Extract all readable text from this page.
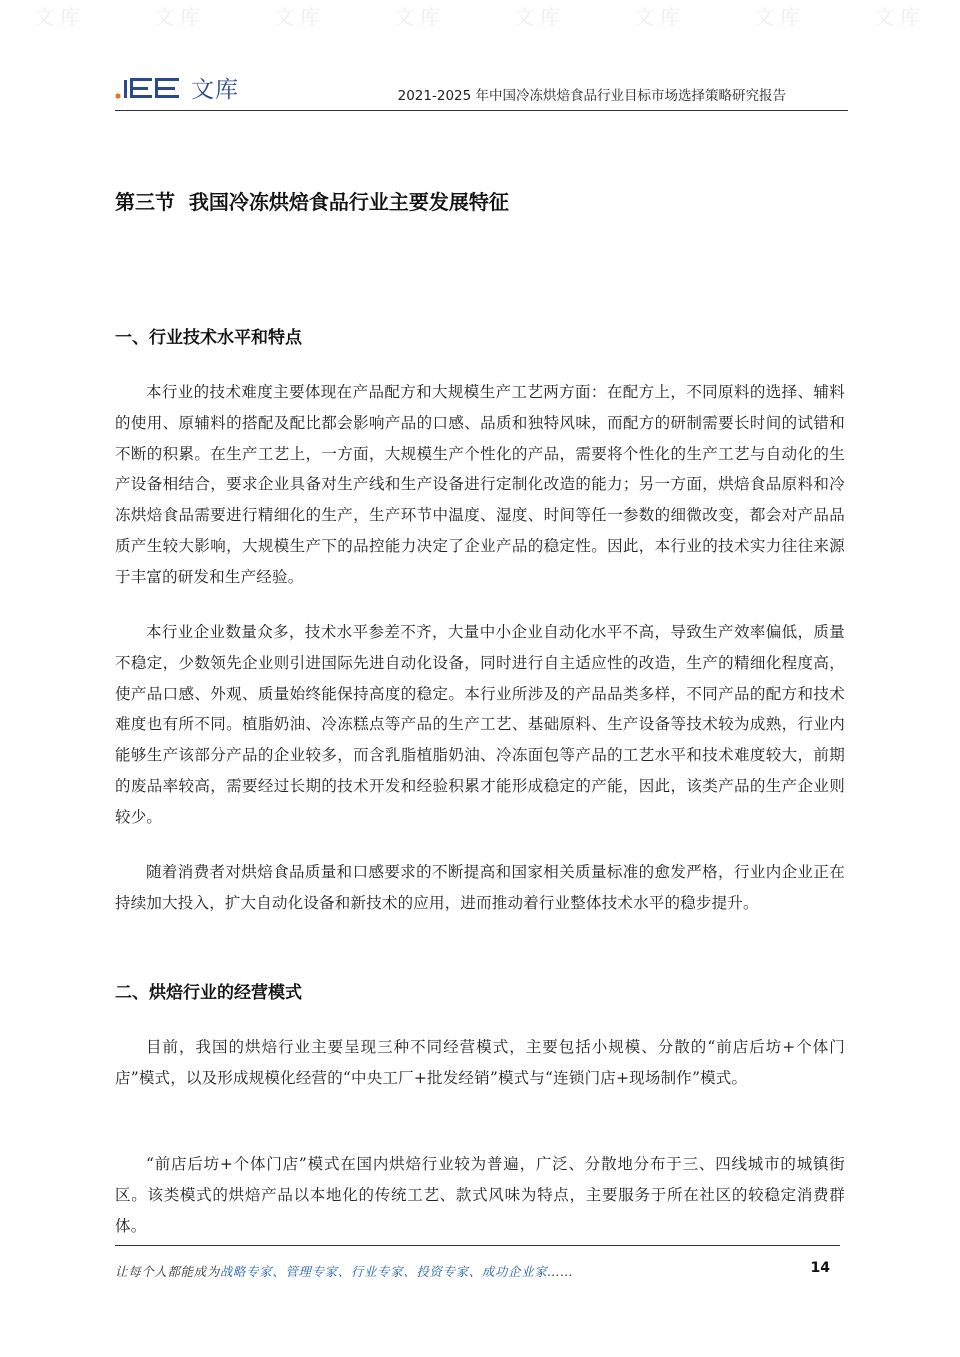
文库	文库	文库	文库	文库	文库	文库	文库
文库	2021-2025 年中国冷冻烘焙食品行业目标市场选择策略研究报告
第三节  我国冷冻烘焙食品行业主要发展特征
一、行业技术水平和特点

本行业的技术难度主要体现在产品配方和大规模生产工艺两方面：在配方上，不同原料的选择、辅料的使用、原辅料的搭配及配比都会影响产品的口感、品质和独特风味，而配方的研制需要长时间的试错和不断的积累。在生产工艺上，一方面，大规模生产个性化的产品，需要将个性化的生产工艺与自动化的生产设备相结合，要求企业具备对生产线和生产设备进行定制化改造的能力；另一方面，烘焙食品原料和冷冻烘焙食品需要进行精细化的生产，生产环节中温度、湿度、时间等任一参数的细微改变，都会对产品品质产生较大影响，大规模生产下的品控能力决定了企业产品的稳定性。因此，本行业的技术实力往往来源于丰富的研发和生产经验。

本行业企业数量众多，技术水平参差不齐，大量中小企业自动化水平不高，导致生产效率偏低，质量不稳定，少数领先企业则引进国际先进自动化设备，同时进行自主适应性的改造，生产的精细化程度高，使产品口感、外观、质量始终能保持高度的稳定。本行业所涉及的产品品类多样，不同产品的配方和技术难度也有所不同。植脂奶油、冷冻糕点等产品的生产工艺、基础原料、生产设备等技术较为成熟，行业内能够生产该部分产品的企业较多，而含乳脂植脂奶油、冷冻面包等产品的工艺水平和技术难度较大，前期的废品率较高，需要经过长期的技术开发和经验积累才能形成稳定的产能，因此，该类产品的生产企业则较少。

随着消费者对烘焙食品质量和口感要求的不断提高和国家相关质量标准的愈发严格，行业内企业正在持续加大投入，扩大自动化设备和新技术的应用，进而推动着行业整体技术水平的稳步提升。

二、烘焙行业的经营模式

目前，我国的烘焙行业主要呈现三种不同经营模式，主要包括小规模、分散的“前店后坊+个体门店”模式，以及形成规模化经营的“中央工厂+批发经销”模式与“连锁门店+现场制作”模式。

“前店后坊+个体门店”模式在国内烘焙行业较为普遍，广泛、分散地分布于三、四线城市的城镇街区。该类模式的烘焙产品以本地化的传统工艺、款式风味为特点，主要服务于所在社区的较稳定消费群体。

让每个人都能成为战略专家、管理专家、行业专家、投资专家、成功企业家……	14
